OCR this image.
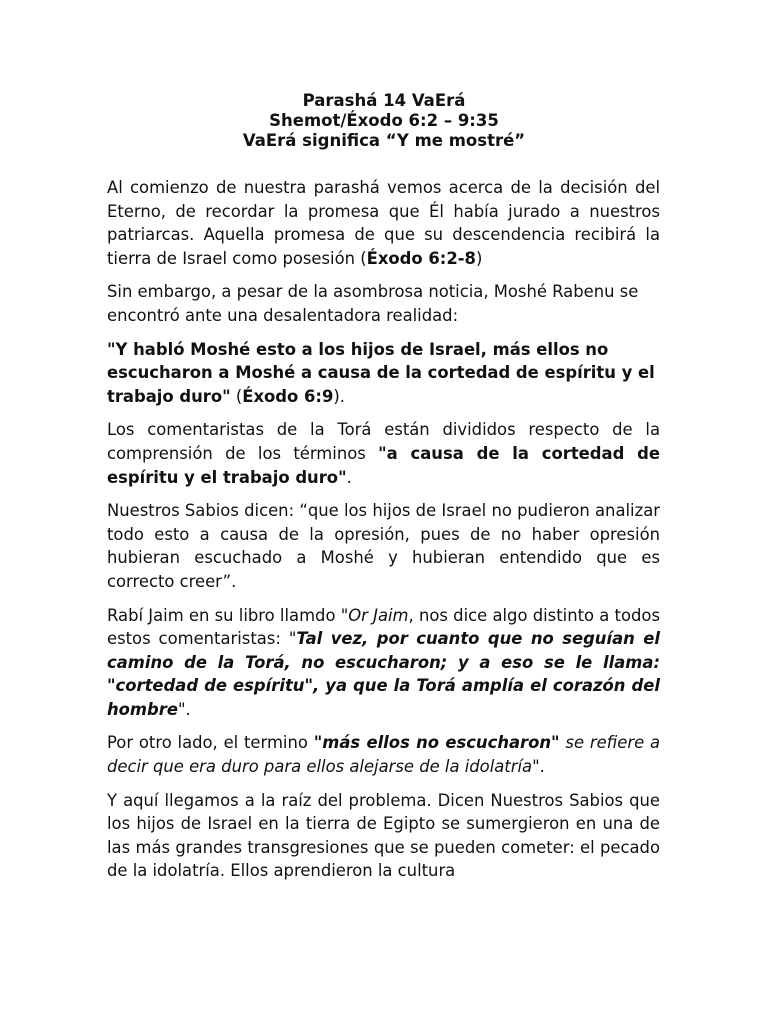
Parashá 14 VaErá
Shemot/Éxodo 6:2 – 9:35
VaErá significa “Y me mostré”

Al comienzo de nuestra parashá vemos acerca de la decisión del Eterno, de recordar la promesa que Él había jurado a nuestros patriarcas. Aquella promesa de que su descendencia recibirá la tierra de Israel como posesión (Éxodo 6:2-8)

Sin embargo, a pesar de la asombrosa noticia, Moshé Rabenu se encontró ante una desalentadora realidad:

"Y habló Moshé esto a los hijos de Israel, más ellos no escucharon a Moshé a causa de la cortedad de espíritu y el trabajo duro" (Éxodo 6:9).

Los comentaristas de la Torá están divididos respecto de la comprensión de los términos "a causa de la cortedad de espíritu y el trabajo duro".

Nuestros Sabios dicen: “que los hijos de Israel no pudieron analizar todo esto a causa de la opresión, pues de no haber opresión hubieran escuchado a Moshé y hubieran entendido que es correcto creer”.

Rabí Jaim en su libro llamdo "Or Jaim, nos dice algo distinto a todos estos comentaristas: "Tal vez, por cuanto que no seguían el camino de la Torá, no escucharon; y a eso se le llama: "cortedad de espíritu", ya que la Torá amplía el corazón del hombre".

Por otro lado, el termino "más ellos no escucharon" se refiere a decir que era duro para ellos alejarse de la idolatría".

Y aquí llegamos a la raíz del problema. Dicen Nuestros Sabios que los hijos de Israel en la tierra de Egipto se sumergieron en una de las más grandes transgresiones que se pueden cometer: el pecado de la idolatría. Ellos aprendieron la cultura
